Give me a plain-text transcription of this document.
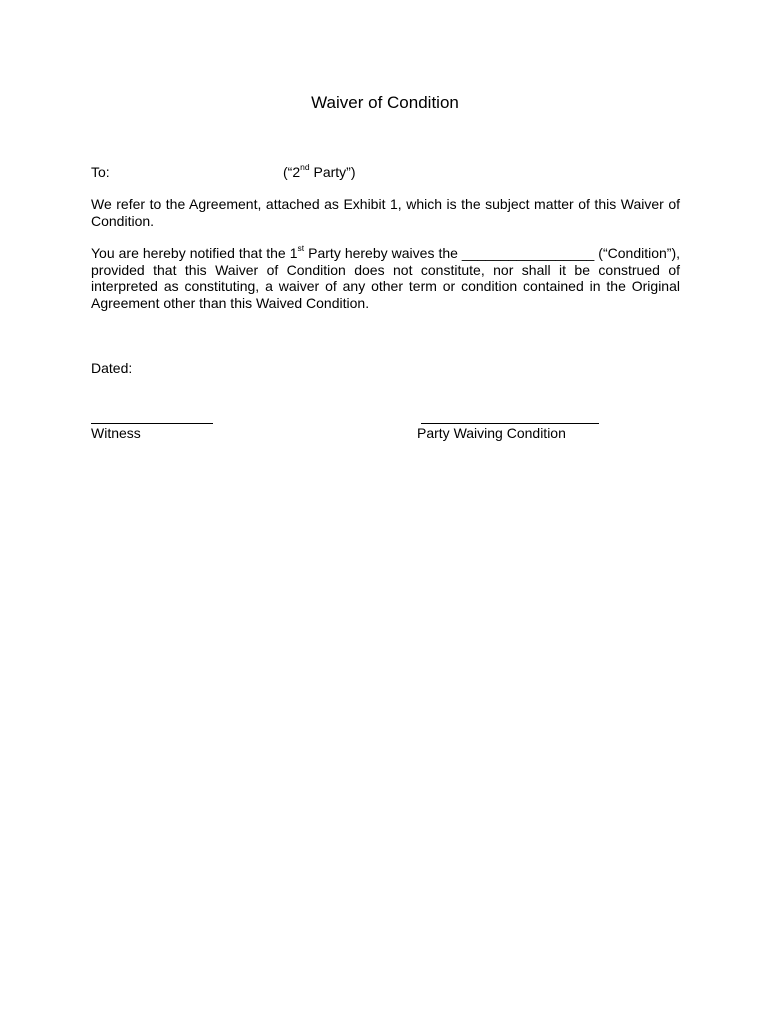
Waiver of Condition
To:	(“2nd Party”)
We refer to the Agreement, attached as Exhibit 1, which is the subject matter of this Waiver of
Condition.
You are hereby notified that the 1st Party hereby waives the _________________ (“Condition”),
provided that this Waiver of Condition does not constitute, nor shall it be construed of
interpreted as constituting, a waiver of any other term or condition contained in the Original
Agreement other than this Waived Condition.
Dated:
Witness	Party Waiving Condition
